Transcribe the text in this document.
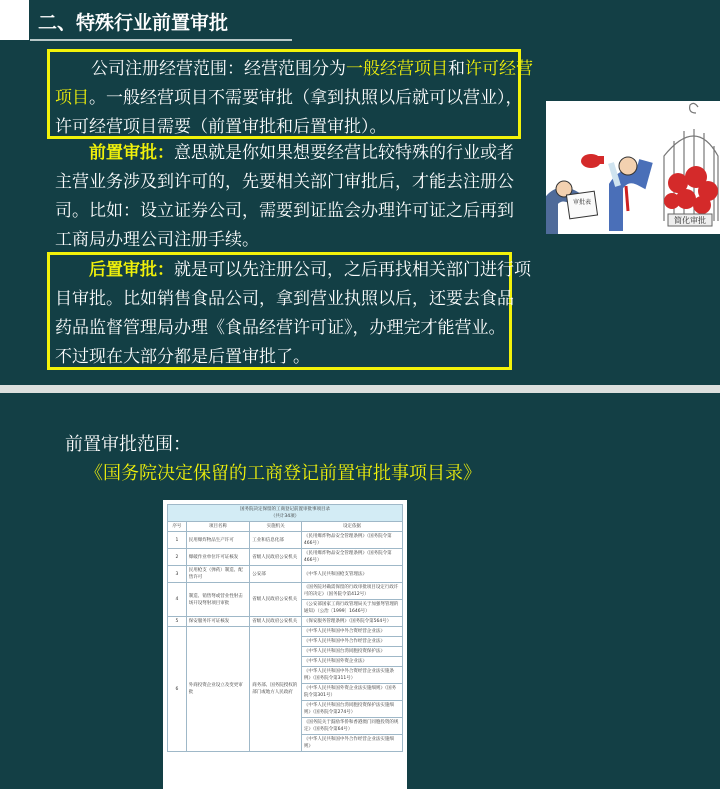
二、特殊行业前置审批

公司注册经营范围：经营范围分为一般经营项目和许可经营

项目。一般经营项目不需要审批（拿到执照以后就可以营业），

许可经营项目需要（前置审批和后置审批）。

前置审批：意思就是你如果想要经营比较特殊的行业或者

主营业务涉及到许可的，先要相关部门审批后，才能去注册公

司。比如：设立证券公司，需要到证监会办理许可证之后再到

工商局办理公司注册手续。

后置审批：就是可以先注册公司，之后再找相关部门进行项

目审批。比如销售食品公司，拿到营业执照以后，还要去食品

药品监督管理局办理《食品经营许可证》，办理完才能营业。

不过现在大部分都是后置审批了。

简化审批
审批表
前置审批范围：
《国务院决定保留的工商登记前置审批事项目录》
国务院决定保留的工商登记前置审批事项目录
（共计34项）			
序号	项目名称	实施机关	设定依据
1	民用爆炸物品生产许可	工业和信息化部	《民用爆炸物品安全管理条例》（国务院令第466号）
2	爆破作业单位许可证核发	省级人民政府公安机关	《民用爆炸物品安全管理条例》（国务院令第466号）
3	民用枪支（弹药）制造、配售许可	公安部	《中华人民共和国枪支管理法》
4	制造、销售弩或营业性射击场开设弩射项目审批	省级人民政府公安机关	《国务院对确需保留的行政审批项目设定行政许可的决定》（国务院令第412号）
			《公安部国家工商行政管理局关于加强弩管理的通知》（公治〔1999〕1646号）
5	保安服务许可证核发	省级人民政府公安机关	《保安服务管理条例》（国务院令第564号）
6	外商投资企业设立及变更审批	商务部、国务院授权的部门或地方人民政府	《中华人民共和国中外合资经营企业法》
			《中华人民共和国中外合作经营企业法》
			《中华人民共和国台湾同胞投资保护法》
			《中华人民共和国外资企业法》
			《中华人民共和国中外合资经营企业法实施条例》（国务院令第311号）
			《中华人民共和国外资企业法实施细则》（国务院令第301号）
			《中华人民共和国台湾同胞投资保护法实施细则》（国务院令第274号）
			《国务院关于鼓励华侨和香港澳门同胞投资的规定》（国务院令第64号）
			《中华人民共和国中外合作经营企业法实施细则》
